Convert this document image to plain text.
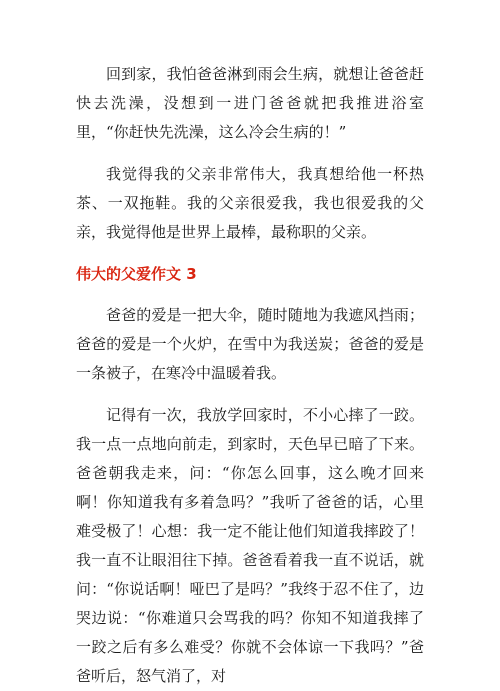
回到家，我怕爸爸淋到雨会生病，就想让爸爸赶快去洗澡，没想到一进门爸爸就把我推进浴室里，“你赶快先洗澡，这么冷会生病的！”

我觉得我的父亲非常伟大，我真想给他一杯热茶、一双拖鞋。我的父亲很爱我，我也很爱我的父亲，我觉得他是世界上最棒，最称职的父亲。

伟大的父爱作文 3

爸爸的爱是一把大伞，随时随地为我遮风挡雨；爸爸的爱是一个火炉，在雪中为我送炭；爸爸的爱是一条被子，在寒冷中温暖着我。

记得有一次，我放学回家时，不小心摔了一跤。我一点一点地向前走，到家时，天色早已暗了下来。爸爸朝我走来，问：“你怎么回事，这么晚才回来啊！你知道我有多着急吗？”我听了爸爸的话，心里难受极了！心想：我一定不能让他们知道我摔跤了！我一直不让眼泪往下掉。爸爸看着我一直不说话，就问：“你说话啊！哑巴了是吗？”我终于忍不住了，边哭边说：“你难道只会骂我的吗？你知不知道我摔了一跤之后有多么难受？你就不会体谅一下我吗？”爸爸听后，怒气消了，对
